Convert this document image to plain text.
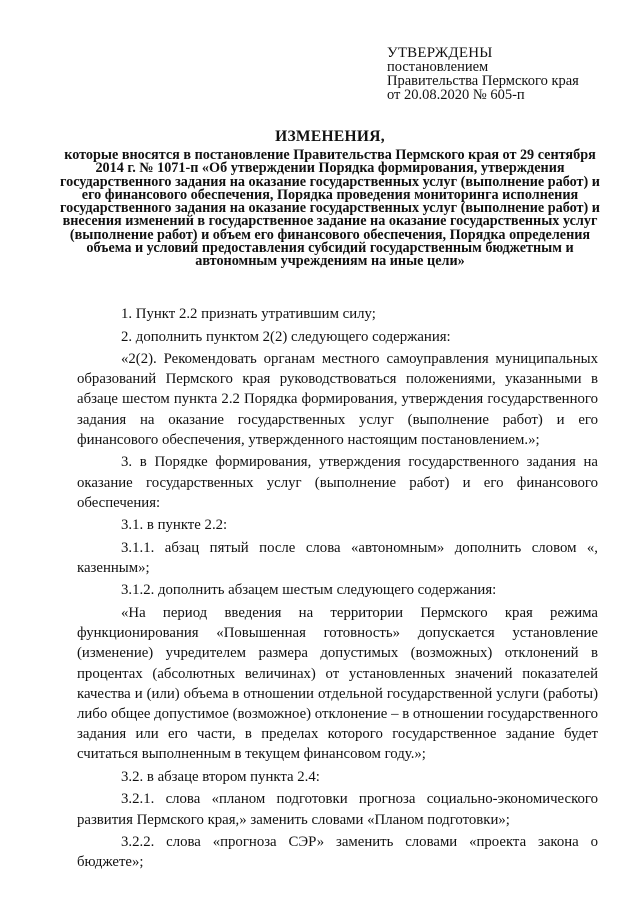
УТВЕРЖДЕНЫ
постановлением
Правительства Пермского края
от 20.08.2020 № 605-п
ИЗМЕНЕНИЯ,
которые вносятся в постановление Правительства Пермского края от 29 сентября 2014 г. № 1071-п «Об утверждении Порядка формирования, утверждения государственного задания на оказание государственных услуг (выполнение работ) и его финансового обеспечения, Порядка проведения мониторинга исполнения государственного задания на оказание государственных услуг (выполнение работ) и внесения изменений в государственное задание на оказание государственных услуг (выполнение работ) и объем его финансового обеспечения, Порядка определения объема и условий предоставления субсидий государственным бюджетным и автономным учреждениям на иные цели»

1. Пункт 2.2 признать утратившим силу;

2. дополнить пунктом 2(2) следующего содержания:

«2(2). Рекомендовать органам местного самоуправления муниципальных образований Пермского края руководствоваться положениями, указанными в абзаце шестом пункта 2.2 Порядка формирования, утверждения государственного задания на оказание государственных услуг (выполнение работ) и его финансового обеспечения, утвержденного настоящим постановлением.»;

3. в Порядке формирования, утверждения государственного задания на оказание государственных услуг (выполнение работ) и его финансового обеспечения:

3.1. в пункте 2.2:

3.1.1. абзац пятый после слова «автономным» дополнить словом «, казенным»;

3.1.2. дополнить абзацем шестым следующего содержания:

«На период введения на территории Пермского края режима функционирования «Повышенная готовность» допускается установление (изменение) учредителем размера допустимых (возможных) отклонений в процентах (абсолютных величинах) от установленных значений показателей качества и (или) объема в отношении отдельной государственной услуги (работы) либо общее допустимое (возможное) отклонение – в отношении государственного задания или его части, в пределах которого государственное задание будет считаться выполненным в текущем финансовом году.»;

3.2. в абзаце втором пункта 2.4:

3.2.1. слова «планом подготовки прогноза социально-экономического развития Пермского края,» заменить словами «Планом подготовки»;

3.2.2. слова «прогноза СЭР» заменить словами «проекта закона о бюджете»;
